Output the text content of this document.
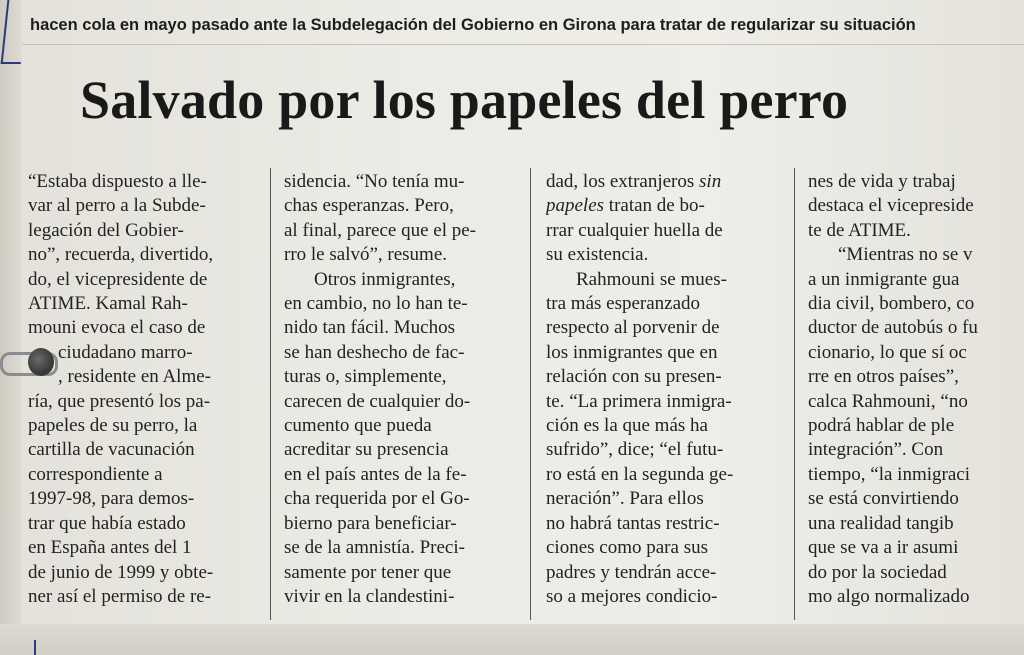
hacen cola en mayo pasado ante la Subdelegación del Gobierno en Girona para tratar de regularizar su situación
Salvado por los papeles del perro
“Estaba dispuesto a lle-
var al perro a la Subde-
legación del Gobier-
no”, recuerda, divertido,
do, el vicepresidente de
ATIME. Kamal Rah-
mouni evoca el caso de
ciudadano marro-
, residente en Alme-
ría, que presentó los pa-
papeles de su perro, la
cartilla de vacunación
correspondiente a
1997-98, para demos-
trar que había estado
en España antes del 1
de junio de 1999 y obte-
ner así el permiso de re-
sidencia. “No tenía mu-
chas esperanzas. Pero,
al final, parece que el pe-
rro le salvó”, resume.
Otros inmigrantes,
en cambio, no lo han te-
nido tan fácil. Muchos
se han deshecho de fac-
turas o, simplemente,
carecen de cualquier do-
cumento que pueda
acreditar su presencia
en el país antes de la fe-
cha requerida por el Go-
bierno para beneficiar-
se de la amnistía. Preci-
samente por tener que
vivir en la clandestini-
dad, los extranjeros sin
papeles tratan de bo-
rrar cualquier huella de
su existencia.
Rahmouni se mues-
tra más esperanzado
respecto al porvenir de
los inmigrantes que en
relación con su presen-
te. “La primera inmigra-
ción es la que más ha
sufrido”, dice; “el futu-
ro está en la segunda ge-
neración”. Para ellos
no habrá tantas restric-
ciones como para sus
padres y tendrán acce-
so a mejores condicio-
nes de vida y trabaj
destaca el vicepreside
te de ATIME.
“Mientras no se v
a un inmigrante gua
dia civil, bombero, co
ductor de autobús o fu
cionario, lo que sí oc
rre en otros países”,
calca Rahmouni, “no
podrá hablar de ple
integración”. Con
tiempo, “la inmigraci
se está convirtiendo
una realidad tangib
que se va a ir asumi
do por la sociedad
mo algo normalizado
